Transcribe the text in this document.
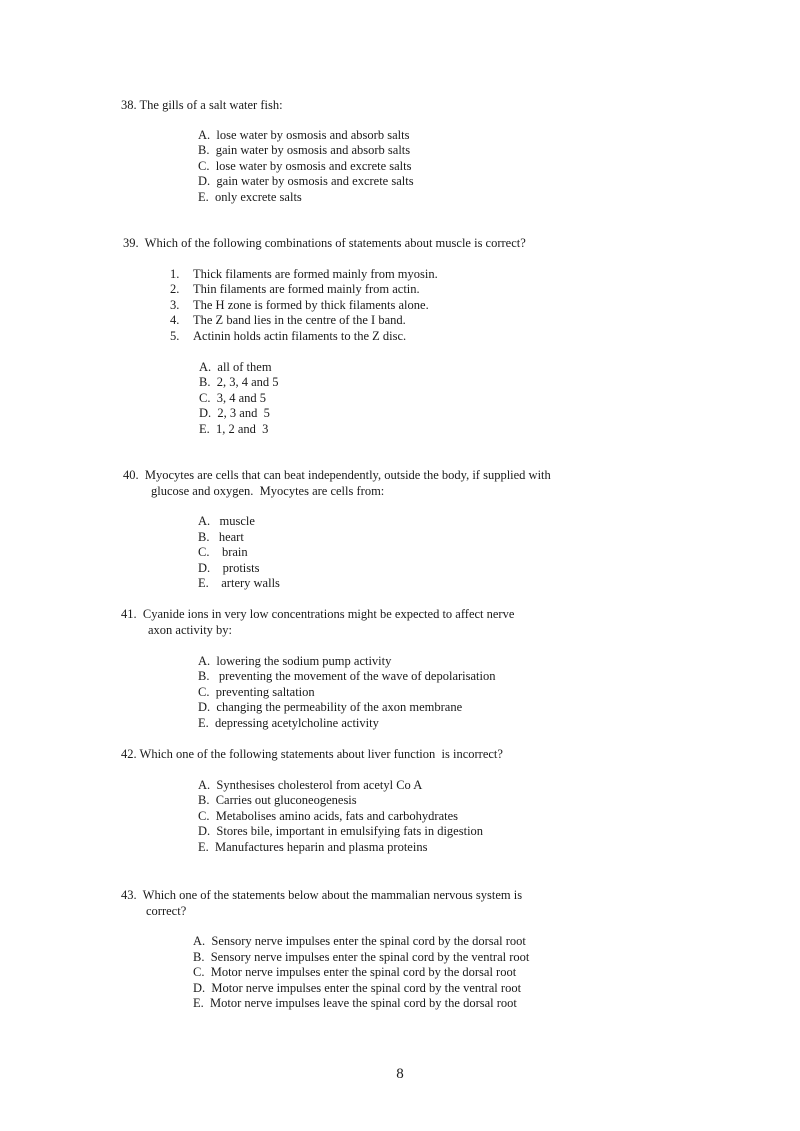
38. The gills of a salt water fish:
A.  lose water by osmosis and absorb salts
B.  gain water by osmosis and absorb salts
C.  lose water by osmosis and excrete salts
D.  gain water by osmosis and excrete salts
E.  only excrete salts
39.  Which of the following combinations of statements about muscle is correct?
1. Thick filaments are formed mainly from myosin.
2. Thin filaments are formed mainly from actin.
3. The H zone is formed by thick filaments alone.
4. The Z band lies in the centre of the I band.
5. Actinin holds actin filaments to the Z disc.
A.  all of them
B.  2, 3, 4 and 5
C.  3, 4 and 5
D.  2, 3 and  5
E.  1, 2 and  3
40.  Myocytes are cells that can beat independently, outside the body, if supplied with
glucose and oxygen.  Myocytes are cells from:
A.   muscle
B.   heart
C.    brain
D.    protists
E.    artery walls
41.  Cyanide ions in very low concentrations might be expected to affect nerve
axon activity by:
A.  lowering the sodium pump activity
B.   preventing the movement of the wave of depolarisation
C.  preventing saltation
D.  changing the permeability of the axon membrane
E.  depressing acetylcholine activity
42. Which one of the following statements about liver function  is incorrect?
A.  Synthesises cholesterol from acetyl Co A
B.  Carries out gluconeogenesis
C.  Metabolises amino acids, fats and carbohydrates
D.  Stores bile, important in emulsifying fats in digestion
E.  Manufactures heparin and plasma proteins
43.  Which one of the statements below about the mammalian nervous system is
correct?
A.  Sensory nerve impulses enter the spinal cord by the dorsal root
B.  Sensory nerve impulses enter the spinal cord by the ventral root
C.  Motor nerve impulses enter the spinal cord by the dorsal root
D.  Motor nerve impulses enter the spinal cord by the ventral root
E.  Motor nerve impulses leave the spinal cord by the dorsal root
8
